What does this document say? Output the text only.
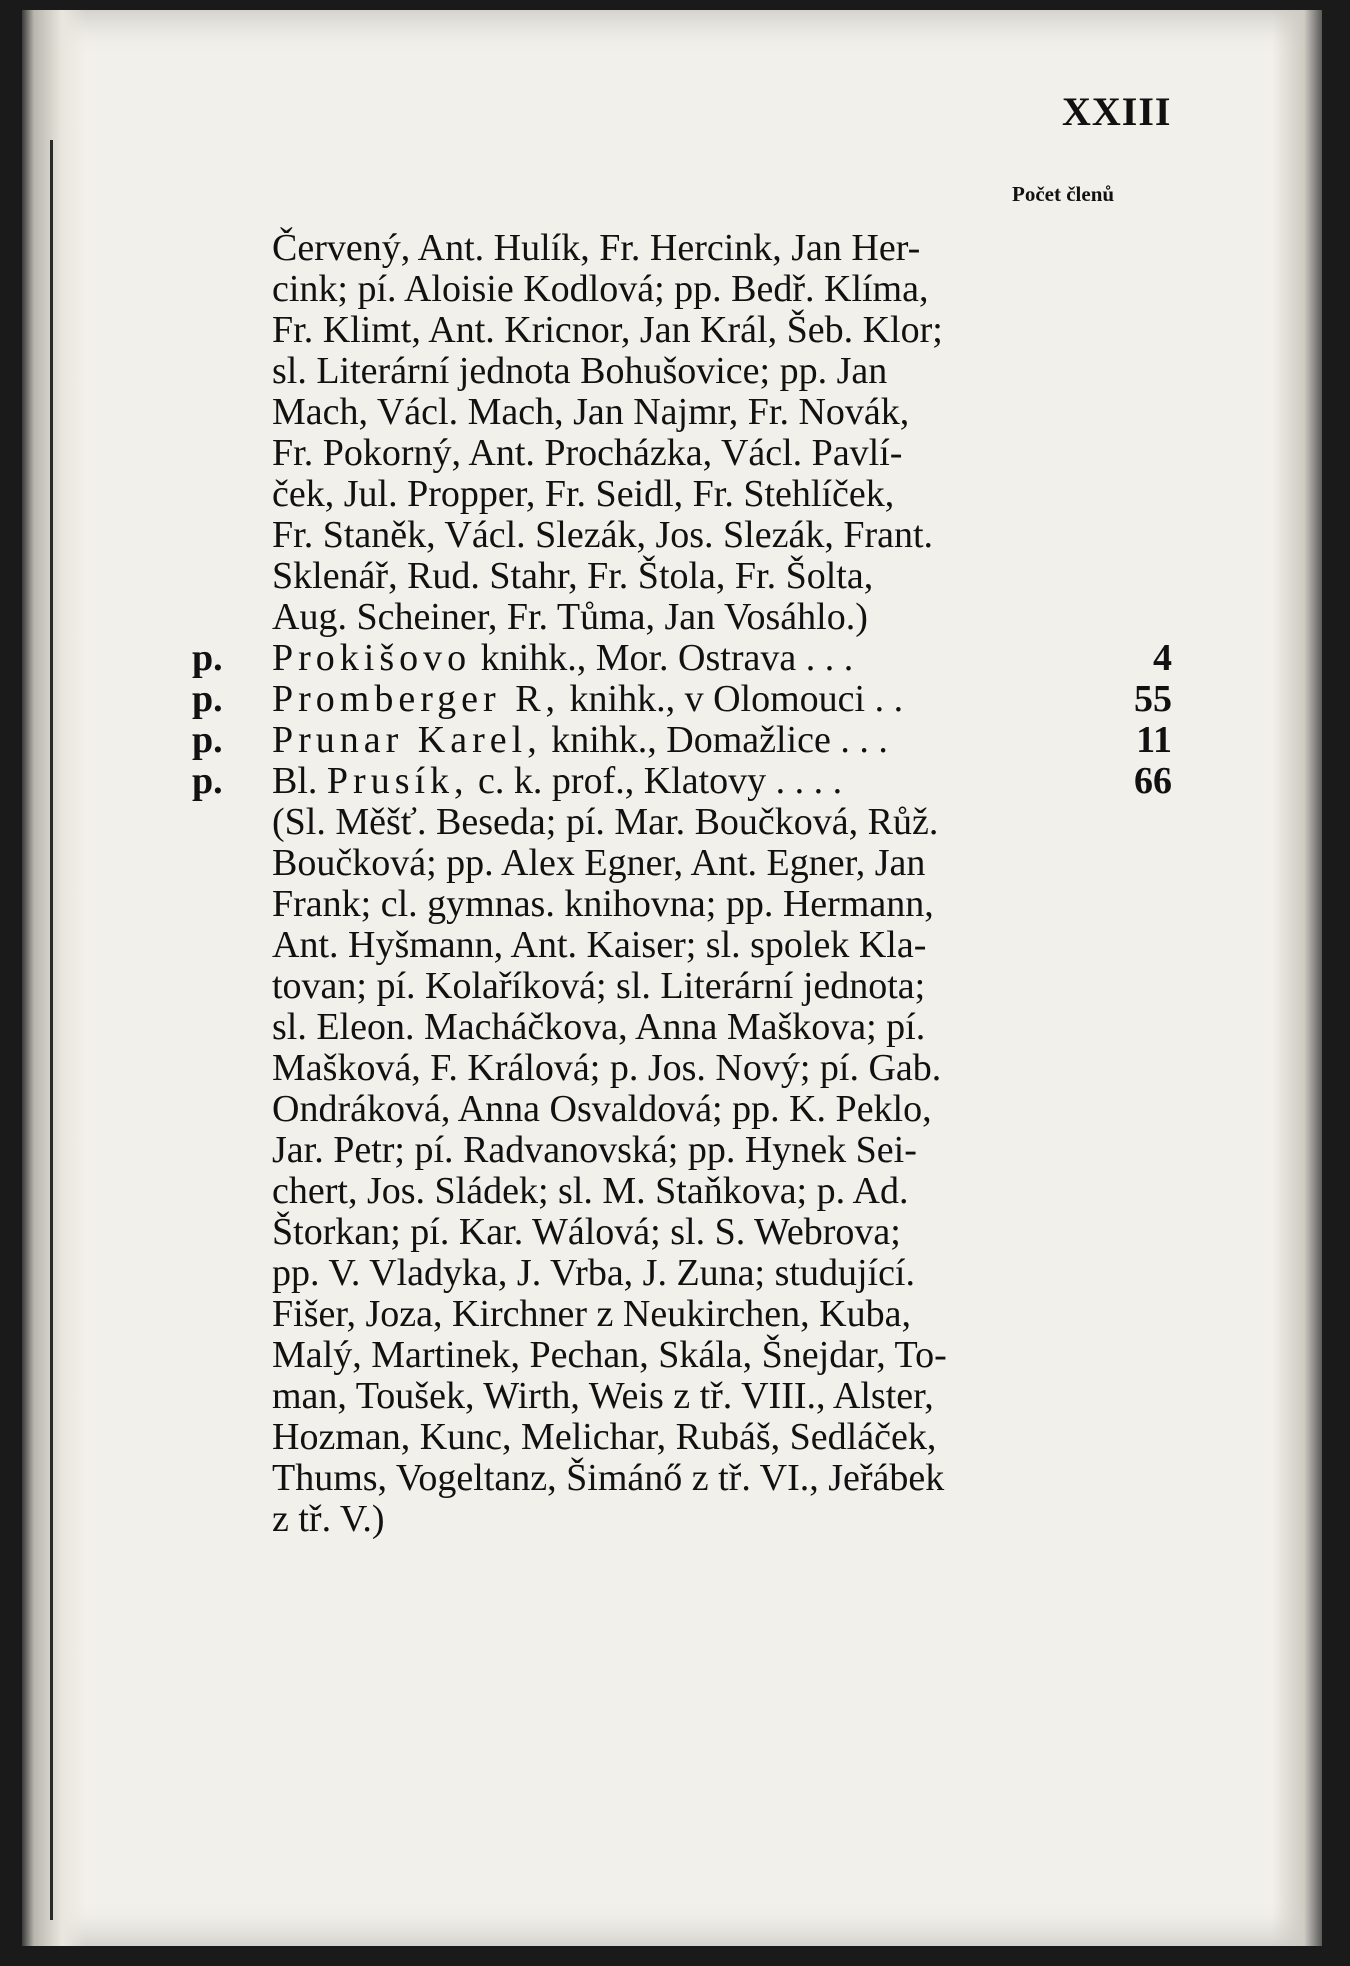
XXIII
Počet členů
Červený, Ant. Hulík, Fr. Hercink, Jan Her-
cink; pí. Aloisie Kodlová; pp. Bedř. Klíma,
Fr. Klimt, Ant. Kricnor, Jan Král, Šeb. Klor;
sl. Literární jednota Bohušovice; pp. Jan
Mach, Václ. Mach, Jan Najmr, Fr. Novák,
Fr. Pokorný, Ant. Procházka, Václ. Pavlí-
ček, Jul. Propper, Fr. Seidl, Fr. Stehlíček,
Fr. Staněk, Václ. Slezák, Jos. Slezák, Frant.
Sklenář, Rud. Stahr, Fr. Štola, Fr. Šolta,
Aug. Scheiner, Fr. Tůma, Jan Vosáhlo.)
p. Prokišovo knihk., Mor. Ostrava . . .	4
p. Promberger R, knihk., v Olomouci . .	55
p. Prunar Karel, knihk., Domažlice . . .	11
p. Bl. Prusík, c. k. prof., Klatovy . . . .	66
(Sl. Měšť. Beseda; pí. Mar. Boučková, Růž.
Boučková; pp. Alex Egner, Ant. Egner, Jan
Frank; cl. gymnas. knihovna; pp. Hermann,
Ant. Hyšmann, Ant. Kaiser; sl. spolek Kla-
tovan; pí. Kolaříková; sl. Literární jednota;
sl. Eleon. Macháčkova, Anna Maškova; pí.
Mašková, F. Králová; p. Jos. Nový; pí. Gab.
Ondráková, Anna Osvaldová; pp. K. Peklo,
Jar. Petr; pí. Radvanovská; pp. Hynek Sei-
chert, Jos. Sládek; sl. M. Staňkova; p. Ad.
Štorkan; pí. Kar. Wálová; sl. S. Webrova;
pp. V. Vladyka, J. Vrba, J. Zuna; studující.
Fišer, Joza, Kirchner z Neukirchen, Kuba,
Malý, Martinek, Pechan, Skála, Šnejdar, To-
man, Toušek, Wirth, Weis z tř. VIII., Alster,
Hozman, Kunc, Melichar, Rubáš, Sedláček,
Thums, Vogeltanz, Šimánő z tř. VI., Jeřábek
z tř. V.)
